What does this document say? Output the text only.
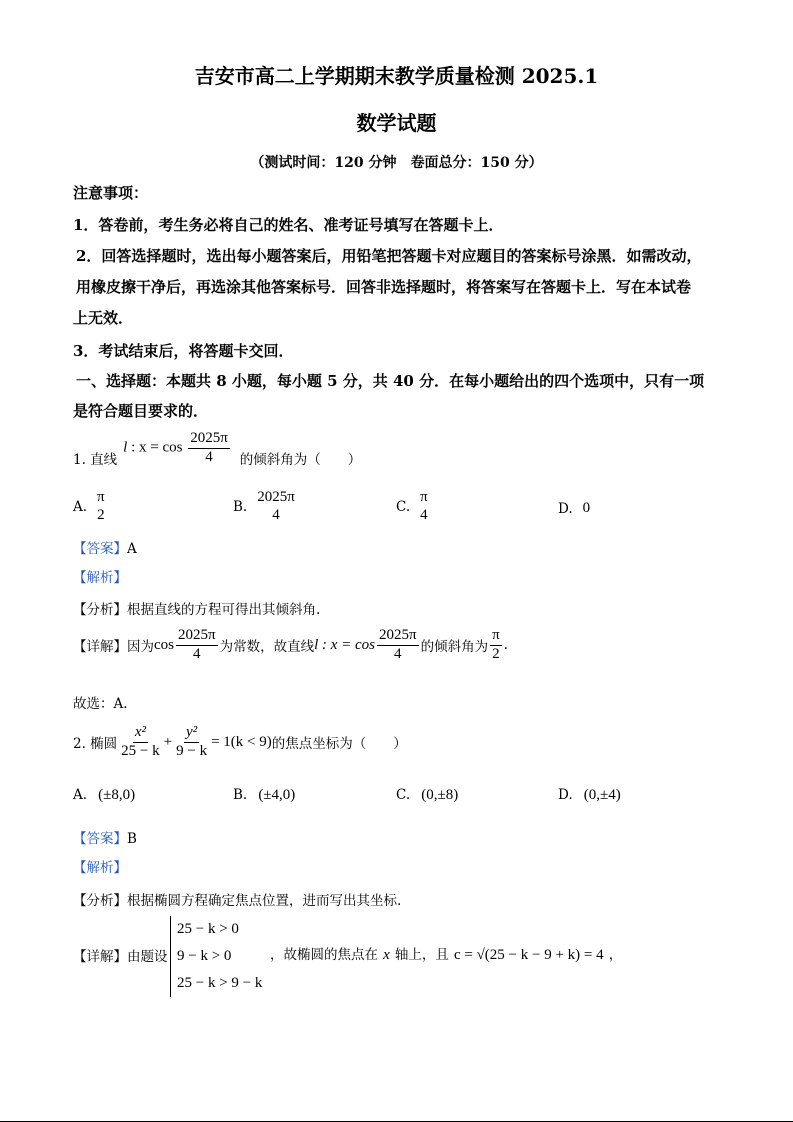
吉安市高二上学期期末教学质量检测 2025.1
数学试题
（测试时间：120 分钟　卷面总分：150 分）
注意事项：
1．答卷前，考生务必将自己的姓名、准考证号填写在答题卡上．
2．回答选择题时，选出每小题答案后，用铅笔把答题卡对应题目的答案标号涂黑．如需改动，
用橡皮擦干净后，再选涂其他答案标号．回答非选择题时，将答案写在答题卡上．写在本试卷
上无效．
3．考试结束后，将答题卡交回．
一、选择题：本题共 8 小题，每小题 5 分，共 40 分．在每小题给出的四个选项中，只有一项
是符合题目要求的．
1. 直线
l : $x = \cos \frac{2025\pi}{4}$ 的倾斜角为（　　）
A.
π
2	B.
2025π
4	C.
π
4	D. 0
【答案】A
【解析】
【分析】根据直线的方程可得出其倾斜角.
【详解】 因为 $\cos \frac{2025\pi}{4}$ 为常数，故直线 l : $x = \cos \frac{2025\pi}{4}$ 的倾斜角为 $\frac{\pi}{2}$ .
故选：A.
2. 椭圆 $\frac{\text{x²}}{25 - k} + \frac{\text{y²}}{9 - k} = 1(k < 9)$ 的焦点坐标为（　　）
A. (±8,0)	B. (±4,0)	C. (0,±8)	D. (0,±4)
【答案】B
【解析】
【分析】根据椭圆方程确定焦点位置，进而写出其坐标.
【详解】由题设
25 − k > 0
9 − k > 0
25 − k > 9 − k
，故椭圆的焦点在 x 轴上，且 c = √(25 − k − 9 + k) = 4 ，
